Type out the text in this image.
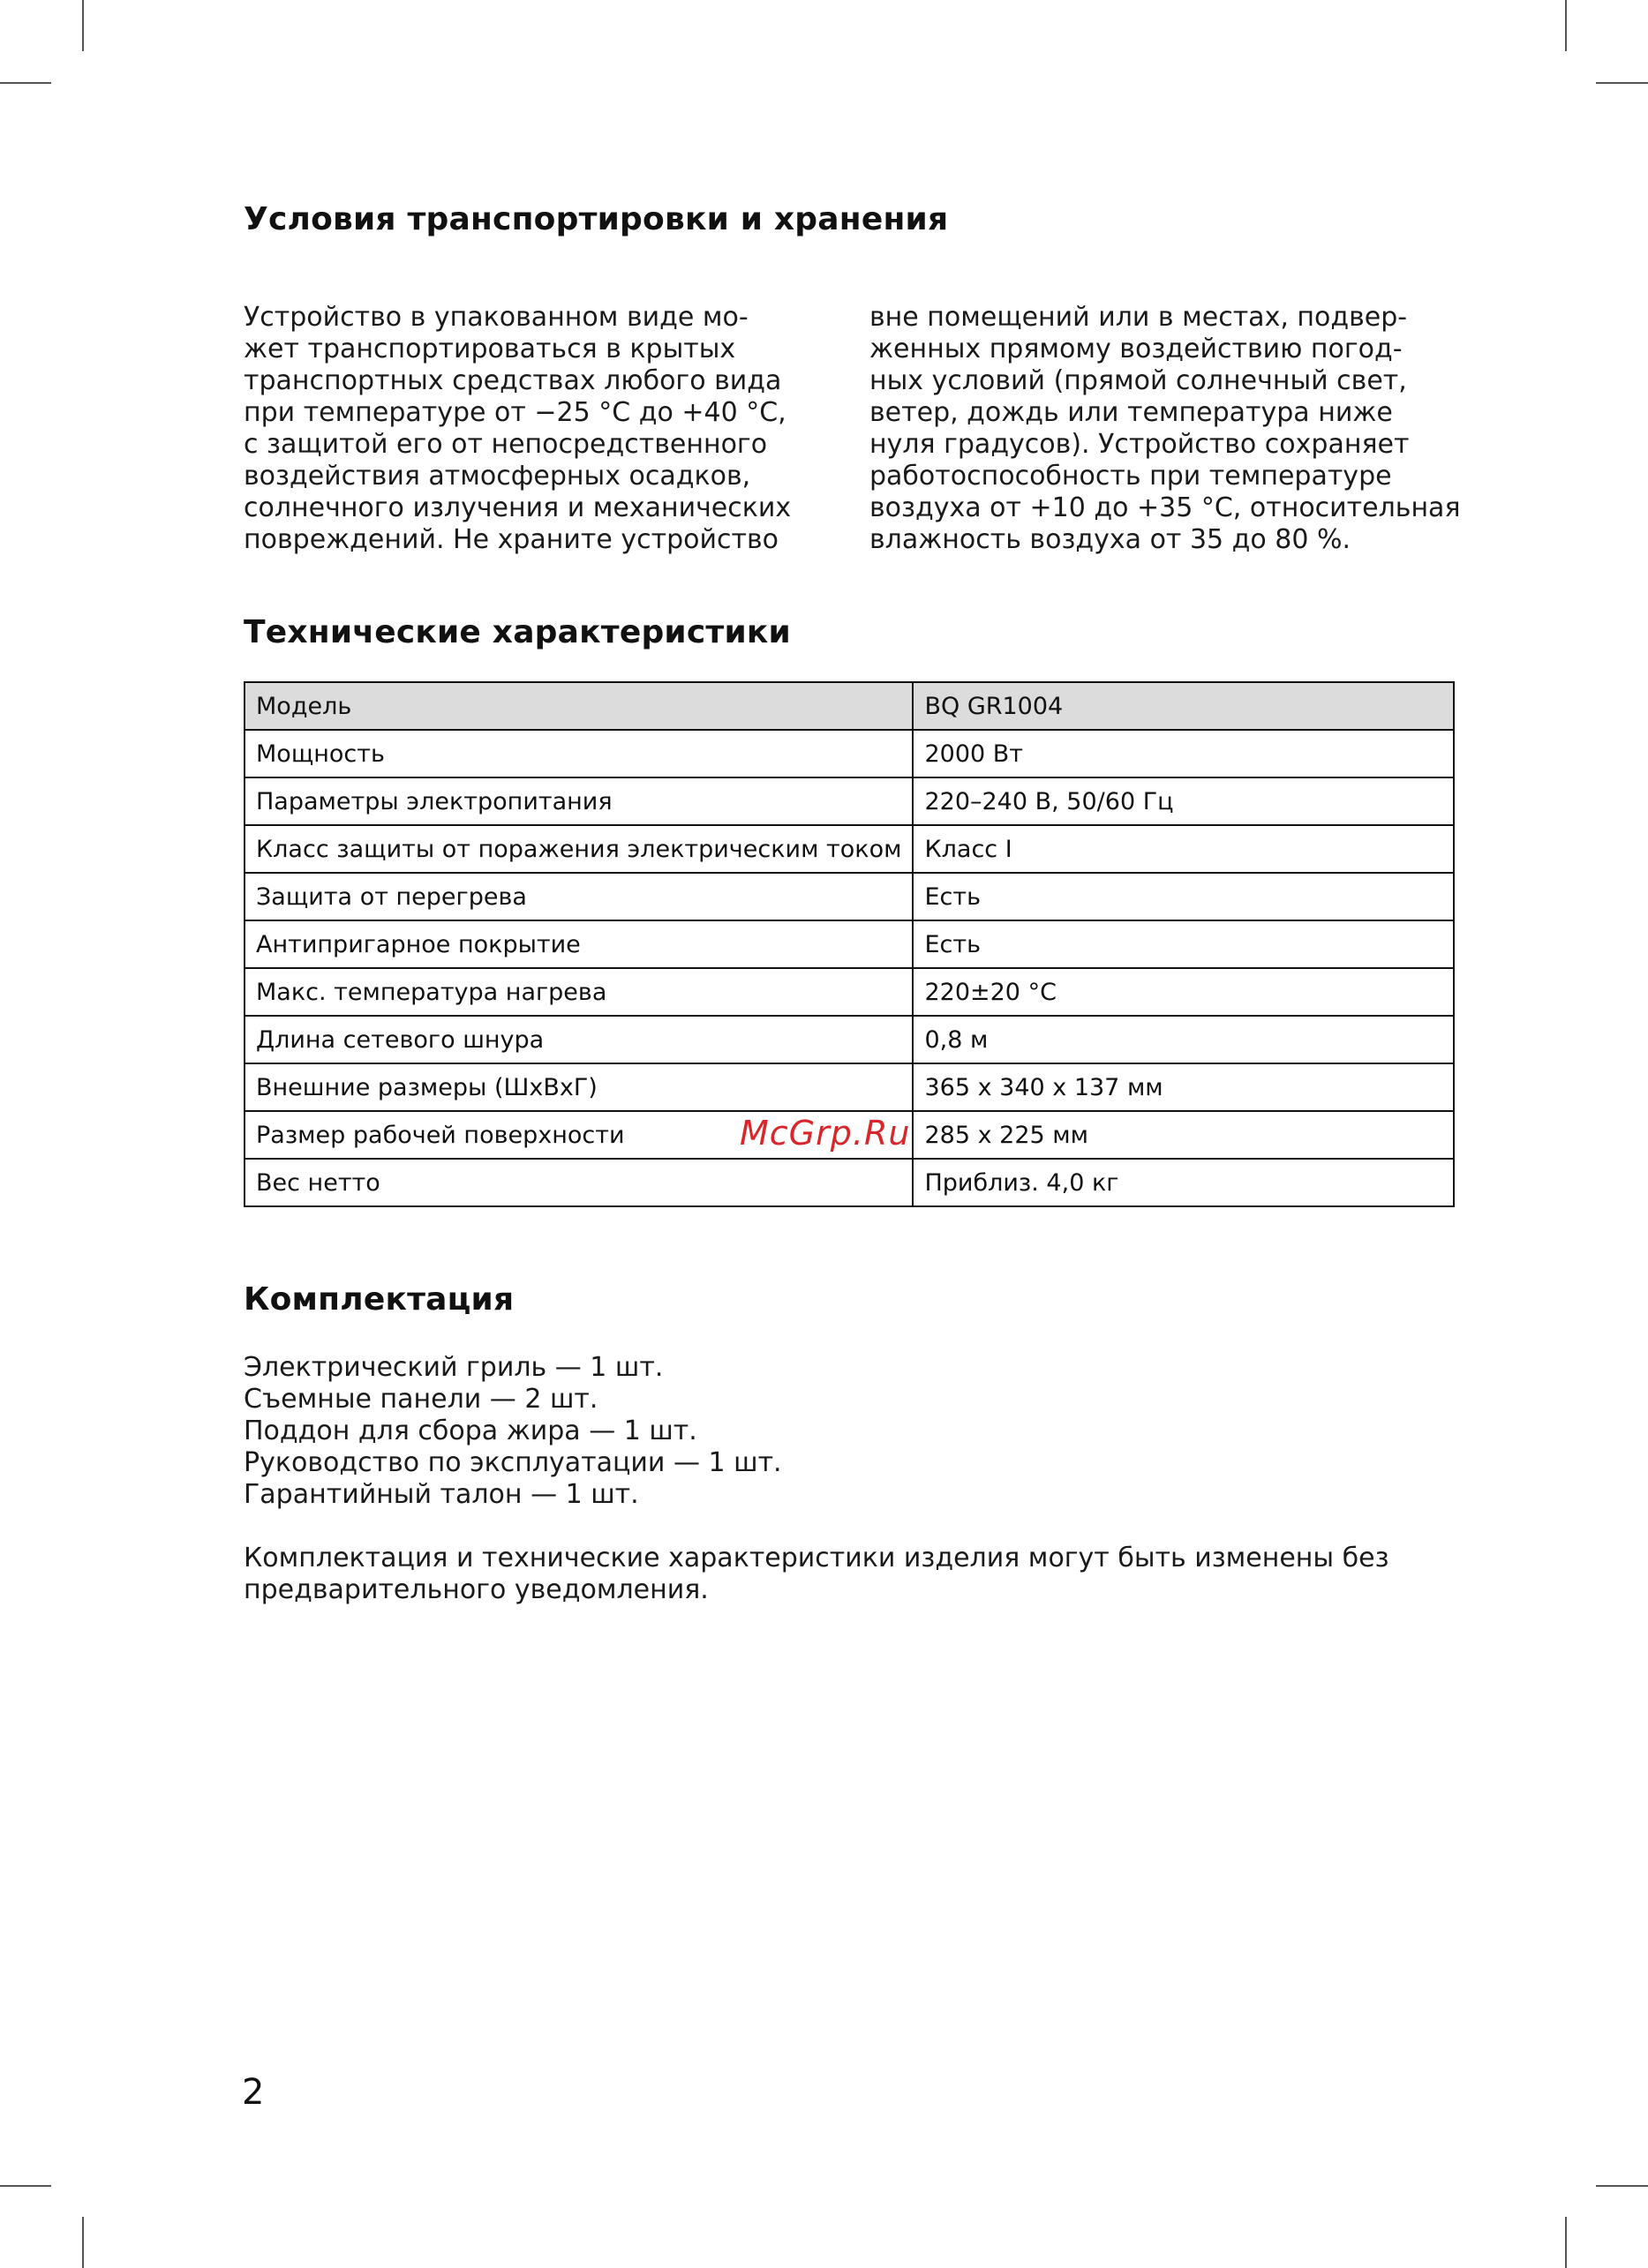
Условия транспортировки и хранения
Устройство в упакованном виде мо-
жет транспортироваться в крытых
транспортных средствах любого вида
при температуре от −25 °C до +40 °C,
с защитой его от непосредственного
воздействия атмосферных осадков,
солнечного излучения и механических
повреждений. Не храните устройство
вне помещений или в местах, подвер-
женных прямому воздействию погод-
ных условий (прямой солнечный свет,
ветер, дождь или температура ниже
нуля градусов). Устройство сохраняет
работоспособность при температуре
воздуха от +10 до +35 °C, относительная
влажность воздуха от 35 до 80 %.
Технические характеристики
Модель	BQ GR1004
Мощность	2000 Вт
Параметры электропитания	220–240 В, 50/60 Гц
Класс защиты от поражения электрическим током	Класс I
Защита от перегрева	Есть
Антипригарное покрытие	Есть
Макс. температура нагрева	220±20 °C
Длина сетевого шнура	0,8 м
Внешние размеры (ШхВхГ)	365 x 340 x 137 мм
Размер рабочей поверхности	285 x 225 мм
Вес нетто	Приблиз. 4,0 кг
McGrp.Ru
Комплектация
Электрический гриль — 1 шт.
Съемные панели — 2 шт.
Поддон для сбора жира — 1 шт.
Руководство по эксплуатации — 1 шт.
Гарантийный талон — 1 шт.
Комплектация и технические характеристики изделия могут быть изменены без
предварительного уведомления.
2
